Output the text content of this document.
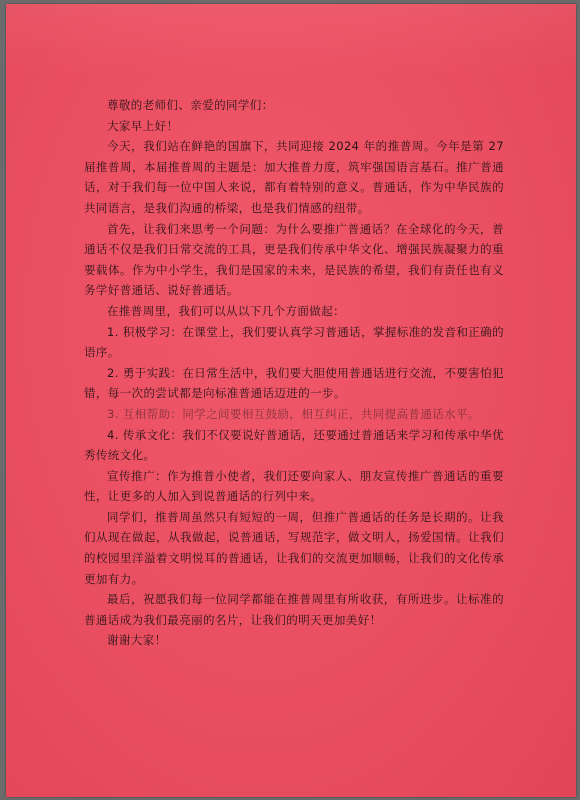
尊敬的老师们、亲爱的同学们：

大家早上好！

今天，我们站在鲜艳的国旗下，共同迎接 2024 年的推普周。今年是第 27 届推普周，本届推普周的主题是：加大推普力度，筑牢强国语言基石。推广普通话，对于我们每一位中国人来说，都有着特别的意义。普通话，作为中华民族的共同语言，是我们沟通的桥梁，也是我们情感的纽带。

首先，让我们来思考一个问题：为什么要推广普通话？在全球化的今天，普通话不仅是我们日常交流的工具，更是我们传承中华文化、增强民族凝聚力的重要载体。作为中小学生，我们是国家的未来，是民族的希望，我们有责任也有义务学好普通话、说好普通话。

在推普周里，我们可以从以下几个方面做起：

1. 积极学习：在课堂上，我们要认真学习普通话，掌握标准的发音和正确的语序。

2. 勇于实践：在日常生活中，我们要大胆使用普通话进行交流，不要害怕犯错，每一次的尝试都是向标准普通话迈进的一步。

3. 互相帮助：同学之间要相互鼓励，相互纠正，共同提高普通话水平。

4. 传承文化：我们不仅要说好普通话，还要通过普通话来学习和传承中华优秀传统文化。

宣传推广：作为推普小使者，我们还要向家人、朋友宣传推广普通话的重要性，让更多的人加入到说普通话的行列中来。

同学们，推普周虽然只有短短的一周，但推广普通话的任务是长期的。让我们从现在做起，从我做起，说普通话，写规范字，做文明人，扬爱国情。让我们的校园里洋溢着文明悦耳的普通话，让我们的交流更加顺畅，让我们的文化传承更加有力。

最后，祝愿我们每一位同学都能在推普周里有所收获，有所进步。让标准的普通话成为我们最亮丽的名片，让我们的明天更加美好！

谢谢大家！
